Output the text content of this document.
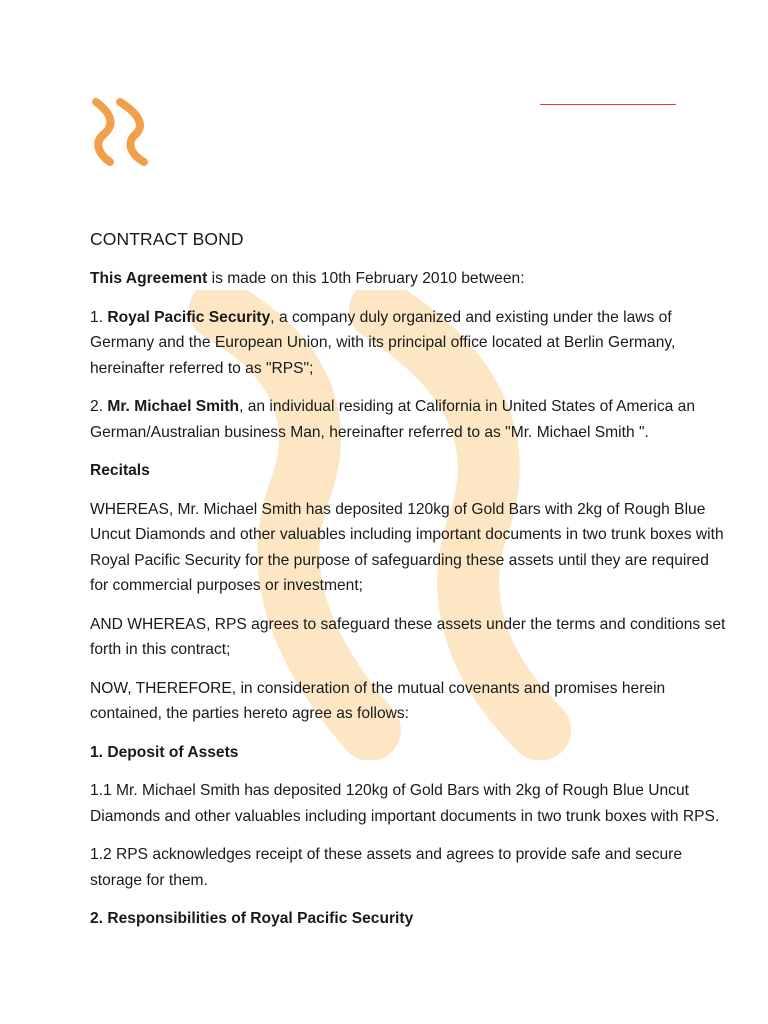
CONTRACT BOND

This Agreement is made on this 10th February 2010 between:

1. Royal Pacific Security, a company duly organized and existing under the laws of Germany and the European Union, with its principal office located at Berlin Germany, hereinafter referred to as "RPS";

2. Mr. Michael Smith, an individual residing at California in United States of America an German/Australian business Man, hereinafter referred to as "Mr. Michael Smith ".

Recitals

WHEREAS, Mr. Michael Smith has deposited 120kg of Gold Bars with 2kg of Rough Blue Uncut Diamonds and other valuables including important documents in two trunk boxes with Royal Pacific Security for the purpose of safeguarding these assets until they are required for commercial purposes or investment;

AND WHEREAS, RPS agrees to safeguard these assets under the terms and conditions set forth in this contract;

NOW, THEREFORE, in consideration of the mutual covenants and promises herein contained, the parties hereto agree as follows:

1. Deposit of Assets

1.1 Mr. Michael Smith has deposited 120kg of Gold Bars with 2kg of Rough Blue Uncut Diamonds and other valuables including important documents in two trunk boxes with RPS.

1.2 RPS acknowledges receipt of these assets and agrees to provide safe and secure storage for them.

2. Responsibilities of Royal Pacific Security
